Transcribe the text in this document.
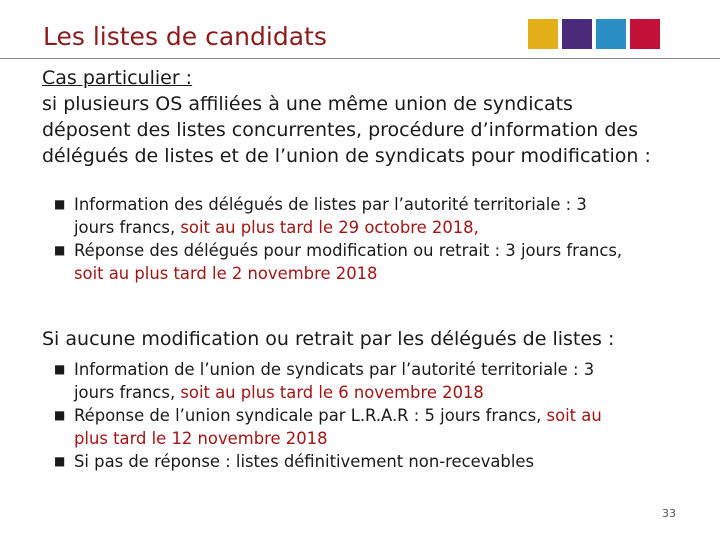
Les listes de candidats

Cas particulier :

si plusieurs OS affiliées à une même union de syndicats

déposent des listes concurrentes, procédure d’information des

délégués de listes et de l’union de syndicats pour modification :

■ Information des délégués de listes par l’autorité territoriale : 3
jours francs, soit au plus tard le 29 octobre 2018,
■ Réponse des délégués pour modification ou retrait : 3 jours francs,
soit au plus tard le 2 novembre 2018

Si aucune modification ou retrait par les délégués de listes :

■ Information de l’union de syndicats par l’autorité territoriale : 3
jours francs, soit au plus tard le 6 novembre 2018
■ Réponse de l’union syndicale par L.R.A.R : 5 jours francs, soit au
plus tard le 12 novembre 2018
■ Si pas de réponse : listes définitivement non-recevables
33
